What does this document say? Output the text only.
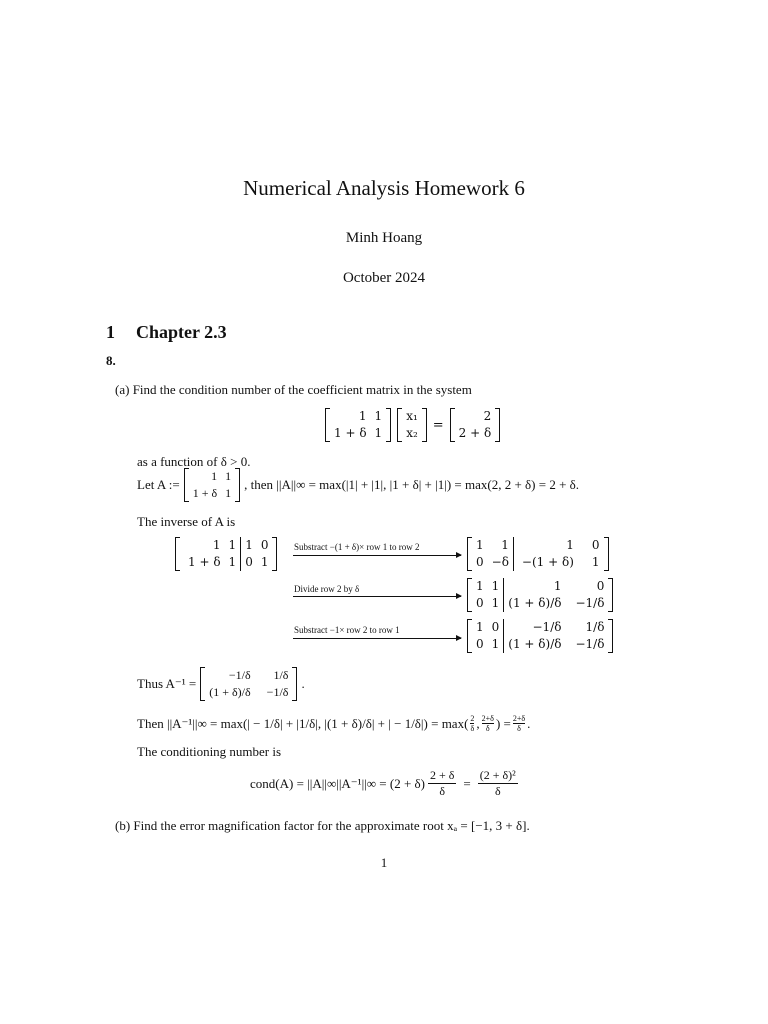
Numerical Analysis Homework 6
Minh Hoang
October 2024
1 Chapter 2.3
8.
(a) Find the condition number of the coefficient matrix in the system
1	1
1 + δ	1
x₁
x₂
=
2
2 + δ
as a function of δ > 0.
Let A :=
1	1
1 + δ	1
, then ||A||∞ = max(|1| + |1|, |1 + δ| + |1|) = max(2, 2 + δ) = 2 + δ.
The inverse of A is
1	1	1	0
1 + δ	1	0	1
Substract −(1 + δ)× row 1 to row 2	1	1	1	0
0	−δ	−(1 + δ)	1
Divide row 2 by δ	1	1	1	0
0	1	(1 + δ)/δ	−1/δ
Substract −1× row 2 to row 1	1	0	−1/δ	1/δ
0	1	(1 + δ)/δ	−1/δ
Thus A⁻¹ =
−1/δ	1/δ
(1 + δ)/δ	−1/δ
.
Then ||A⁻¹||∞ = max(| − 1/δ| + |1/δ|, |(1 + δ)/δ| + | − 1/δ|) = max( 2
δ , 2+δ
δ ) = $\frac{2+\delta}{\delta}$ .
The conditioning number is
cond(A) = $||A||\infty||A^{-1}||\infty = (2 + \delta) \frac{2 + \delta}{\delta} = \frac{\text{(2 + δ)²}}{\delta}$
(b) Find the error magnification factor for the approximate root xₐ = [−1, 3 + δ].
1
